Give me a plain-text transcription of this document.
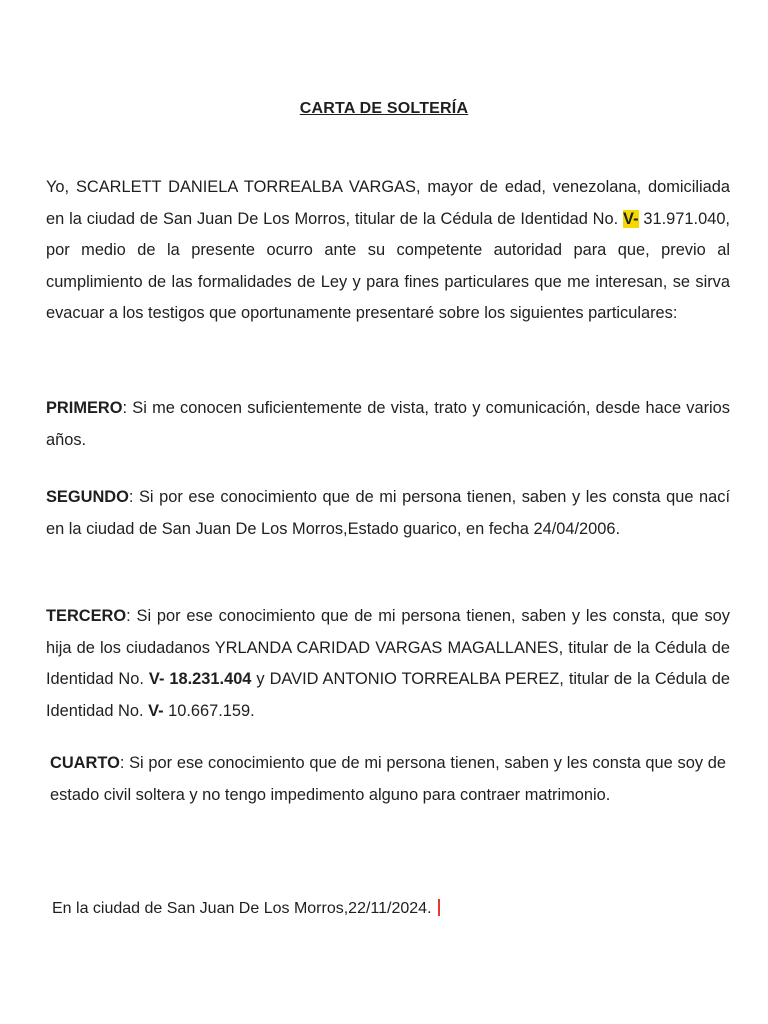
CARTA DE SOLTERÍA
Yo, SCARLETT DANIELA TORREALBA VARGAS, mayor de edad, venezolana, domiciliada en la ciudad de San Juan De Los Morros, titular de la Cédula de Identidad No. V- 31.971.040, por medio de la presente ocurro ante su competente autoridad para que, previo al cumplimiento de las formalidades de Ley y para fines particulares que me interesan, se sirva evacuar a los testigos que oportunamente presentaré sobre los siguientes particulares:
PRIMERO: Si me conocen suficientemente de vista, trato y comunicación, desde hace varios años.
SEGUNDO: Si por ese conocimiento que de mi persona tienen, saben y les consta que nací en la ciudad de San Juan De Los Morros,Estado guarico, en fecha 24/04/2006.
TERCERO: Si por ese conocimiento que de mi persona tienen, saben y les consta, que soy hija de los ciudadanos YRLANDA CARIDAD VARGAS MAGALLANES, titular de la Cédula de Identidad No. V- 18.231.404 y DAVID ANTONIO TORREALBA PEREZ, titular de la Cédula de Identidad No. V- 10.667.159.
CUARTO: Si por ese conocimiento que de mi persona tienen, saben y les consta que soy de estado civil soltera y no tengo impedimento alguno para contraer matrimonio.
En la ciudad de San Juan De Los Morros,22/11/2024.
